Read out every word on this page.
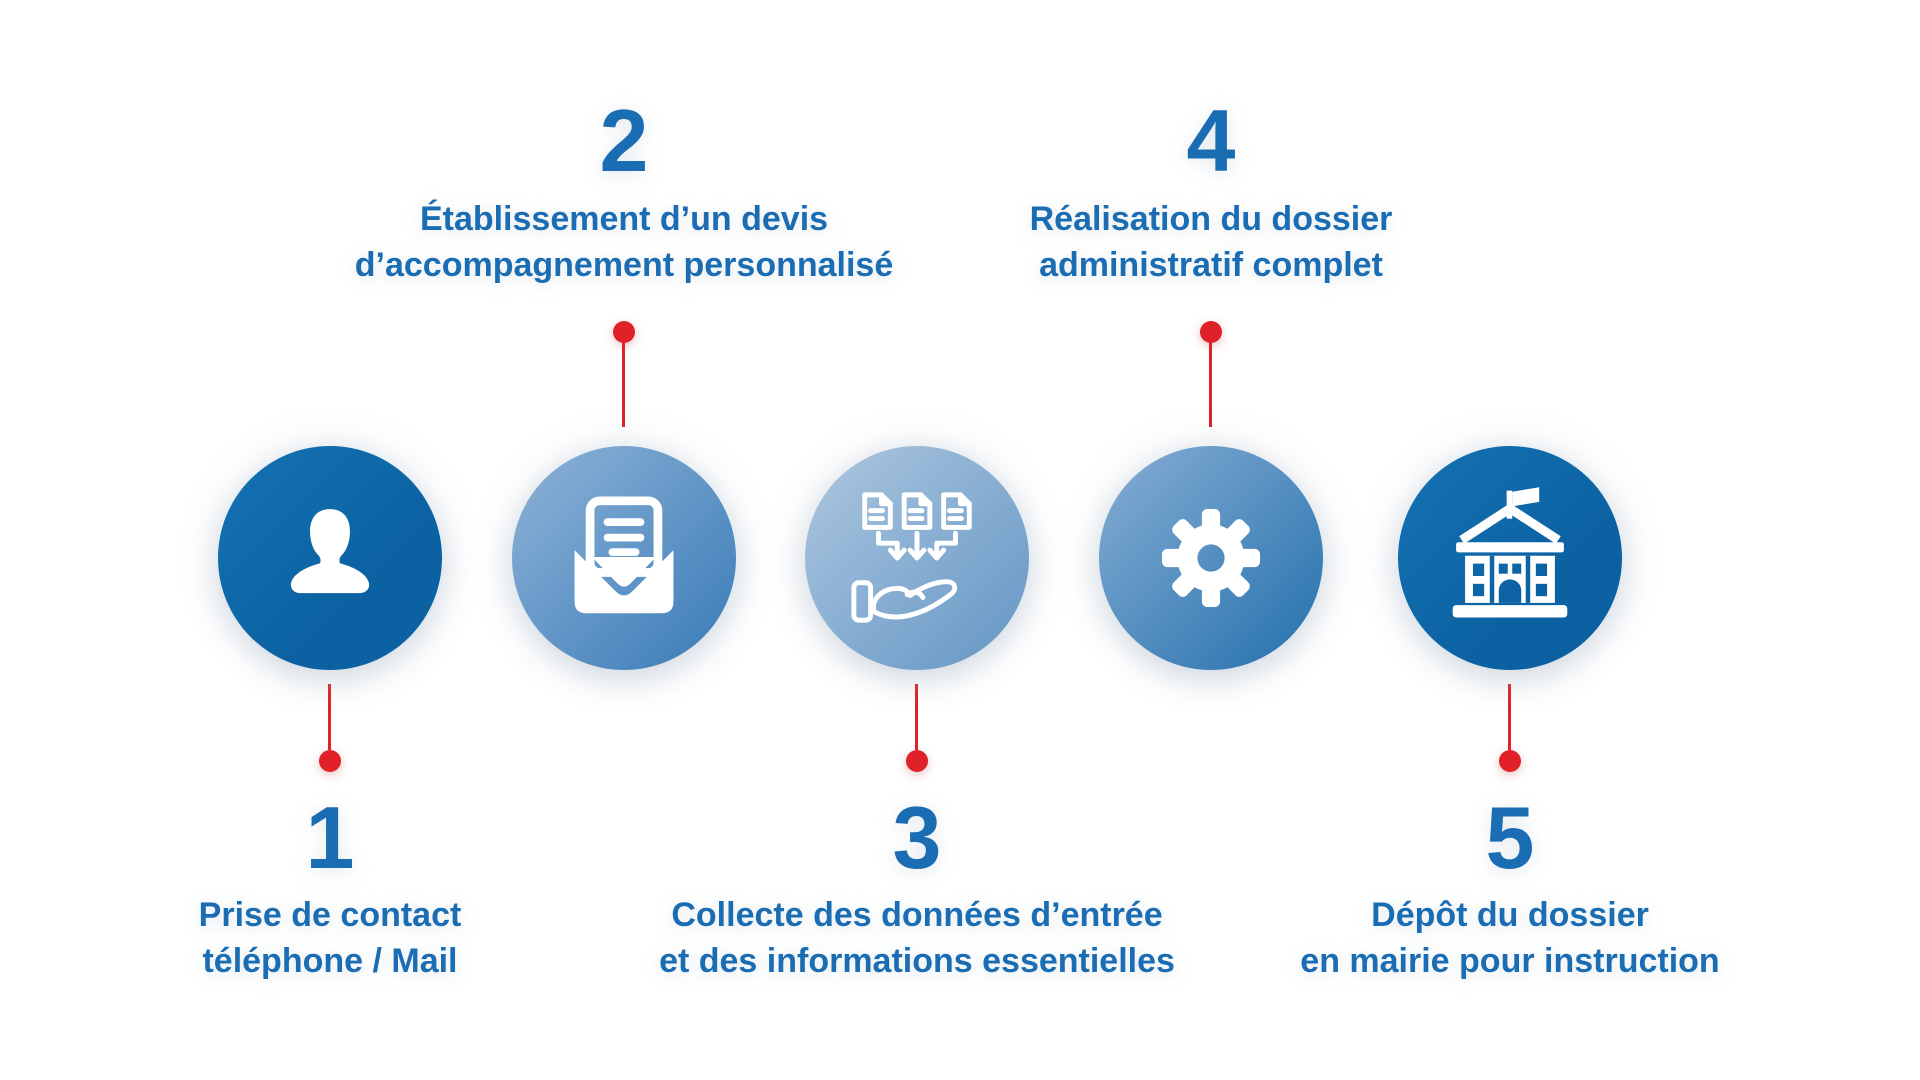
2
Établissement d’un devis
d’accompagnement personnalisé
4
Réalisation du dossier
administratif complet
1
Prise de contact
téléphone / Mail
3
Collecte des données d’entrée
et des informations essentielles
5
Dépôt du dossier
en mairie pour instruction
